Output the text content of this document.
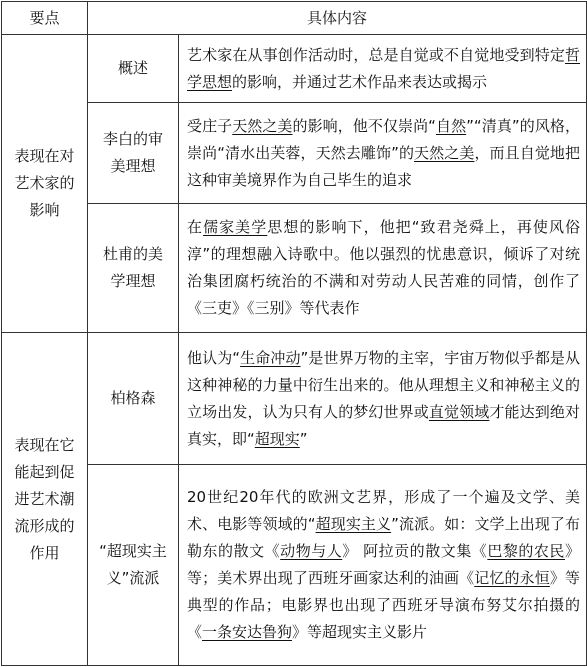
要点	具体内容	
表现在对艺术家的影响	概述	艺术家在从事创作活动时，总是自觉或不自觉地受到特定哲学思想的影响，并通过艺术作品来表达或揭示
	李白的审美理想	受庄子天然之美的影响，他不仅崇尚“自然”“清真”的风格，崇尚“清水出芙蓉，天然去雕饰”的天然之美，而且自觉地把这种审美境界作为自己毕生的追求
	杜甫的美学理想	在儒家美学思想的影响下，他把“致君尧舜上，再使风俗淳”的理想融入诗歌中。他以强烈的忧患意识，倾诉了对统治集团腐朽统治的不满和对劳动人民苦难的同情，创作了《三吏》《三别》等代表作
表现在它能起到促进艺术潮流形成的作用	柏格森	他认为“生命冲动”是世界万物的主宰，宇宙万物似乎都是从这种神秘的力量中衍生出来的。他从理想主义和神秘主义的立场出发，认为只有人的梦幻世界或直觉领域才能达到绝对真实，即“超现实”
	“超现实主义”流派	20世纪20年代的欧洲文艺界，形成了一个遍及文学、美术、电影等领域的“超现实主义”流派。如：文学上出现了布勒东的散文《动物与人》 阿拉贡的散文集《巴黎的农民》等；美术界出现了西班牙画家达利的油画《记忆的永恒》等典型的作品；电影界也出现了西班牙导演布努艾尔拍摄的《一条安达鲁狗》等超现实主义影片
